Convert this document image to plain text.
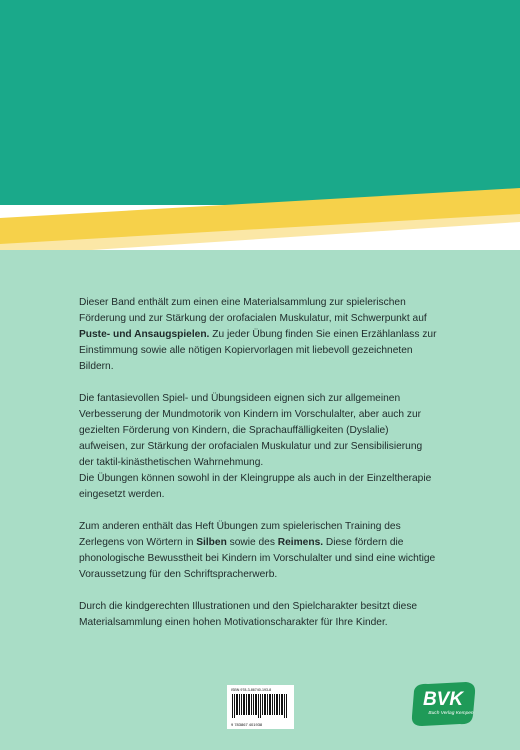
Dieser Band enthält zum einen eine Materialsammlung zur spielerischen Förderung und zur Stärkung der orofacialen Muskulatur, mit Schwerpunkt auf Puste- und Ansaugspielen. Zu jeder Übung finden Sie einen Erzählanlass zur Einstimmung sowie alle nötigen Kopiervorlagen mit liebevoll gezeichneten Bildern.

Die fantasievollen Spiel- und Übungsideen eignen sich zur allgemeinen Verbesserung der Mundmotorik von Kindern im Vorschulalter, aber auch zur gezielten Förderung von Kindern, die Sprachauffälligkeiten (Dyslalie) aufweisen, zur Stärkung der orofacialen Muskulatur und zur Sensibilisierung der taktil-kinästhetischen Wahrnehmung.
Die Übungen können sowohl in der Kleingruppe als auch in der Einzeltherapie eingesetzt werden.

Zum anderen enthält das Heft Übungen zum spielerischen Training des Zerlegens von Wörtern in Silben sowie des Reimens. Diese fördern die phonologische Bewusstheit bei Kindern im Vorschulalter und sind eine wichtige Voraussetzung für den Schriftspracherwerb.

Durch die kindgerechten Illustrationen und den Spielcharakter besitzt diese Materialsammlung einen hohen Motivationscharakter für Ihre Kinder.

ISBN 978-3-86740-193-8
9 783867 401938
BVK
Buch Verlag Kempen
